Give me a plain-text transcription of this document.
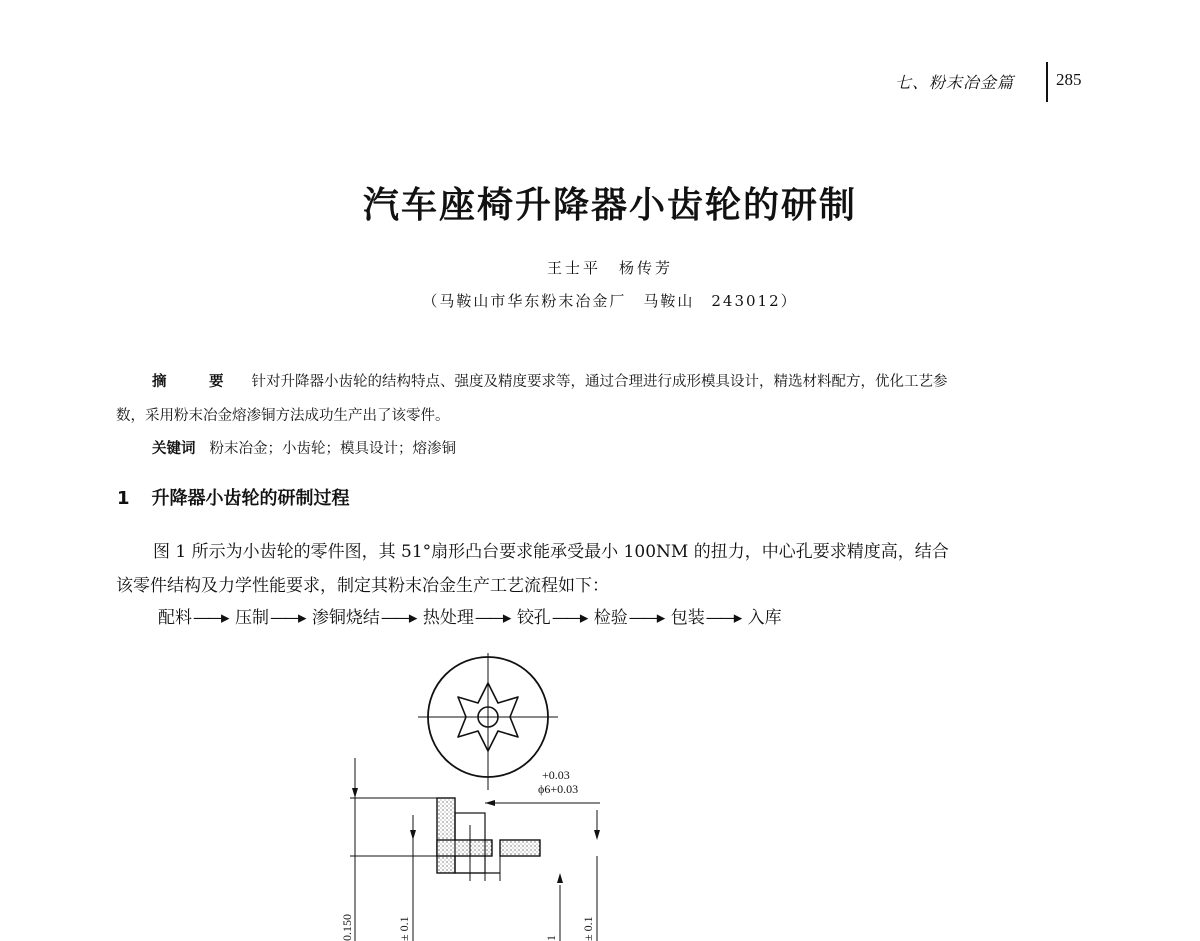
七、粉末冶金篇 285
汽车座椅升降器小齿轮的研制
王士平　杨传芳
（马鞍山市华东粉末冶金厂　马鞍山　243012）
摘　要 针对升降器小齿轮的结构特点、强度及精度要求等，通过合理进行成形模具设计，精选材料配方，优化工艺参
数，采用粉末冶金熔渗铜方法成功生产出了该零件。
关键词 粉末冶金；小齿轮；模具设计；熔渗铜
1 升降器小齿轮的研制过程
图 1 所示为小齿轮的零件图，其 51°扇形凸台要求能承受最小 100NM 的扭力，中心孔要求精度高，结合
该零件结构及力学性能要求，制定其粉末冶金生产工艺流程如下：
配料——▸ 压制——▸ 渗铜烧结——▸ 热处理——▸ 铰孔——▸ 检验——▸ 包装——▸ 入库
+0.03
ϕ6+0.03
0.150	± 0.1	1 ± 0.1
